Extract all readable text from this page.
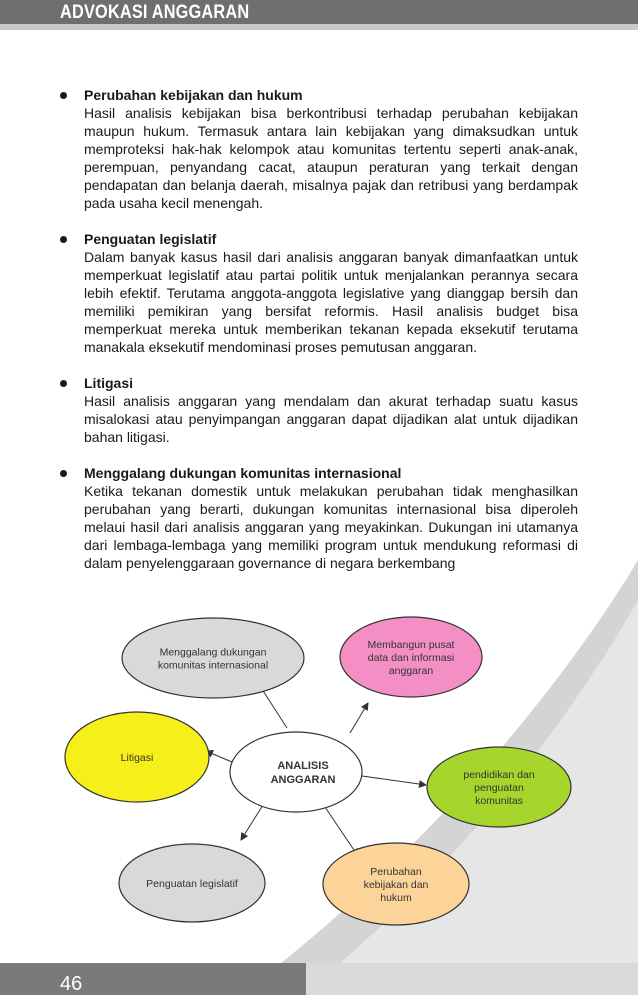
ADVOKASI ANGGARAN
Perubahan kebijakan dan hukum
Hasil analisis kebijakan bisa berkontribusi terhadap perubahan kebijakan maupun hukum. Termasuk antara lain kebijakan yang dimaksudkan untuk memproteksi hak-hak kelompok atau komunitas tertentu seperti anak-anak, perempuan, penyandang cacat, ataupun peraturan yang terkait dengan pendapatan dan belanja daerah, misalnya pajak dan retribusi yang berdampak pada usaha kecil menengah.
Penguatan legislatif
Dalam banyak kasus hasil dari analisis anggaran banyak dimanfaatkan untuk memperkuat legislatif atau partai politik untuk menjalankan perannya secara lebih efektif. Terutama anggota-anggota legislative yang dianggap bersih dan memiliki pemikiran yang bersifat reformis. Hasil analisis budget bisa memperkuat mereka untuk memberikan tekanan kepada eksekutif terutama manakala eksekutif mendominasi proses pemutusan anggaran.
Litigasi
Hasil analisis anggaran yang mendalam dan akurat terhadap suatu kasus misalokasi atau penyimpangan anggaran dapat dijadikan alat untuk dijadikan bahan litigasi.
Menggalang dukungan komunitas internasional
Ketika tekanan domestik untuk melakukan perubahan tidak menghasilkan perubahan yang berarti, dukungan komunitas internasional bisa diperoleh melaui hasil dari analisis anggaran yang meyakinkan. Dukungan ini utamanya dari lembaga-lembaga yang memiliki program untuk mendukung reformasi di dalam penyelenggaraan governance di negara berkembang
Menggalang dukungan
komunitas internasional
Membangun pusat
data dan informasi
anggaran
Litigasi
pendidikan dan
penguatan
komunitas
Penguatan legislatif
Perubahan
kebijakan dan
hukum
ANALISIS
ANGGARAN
46
